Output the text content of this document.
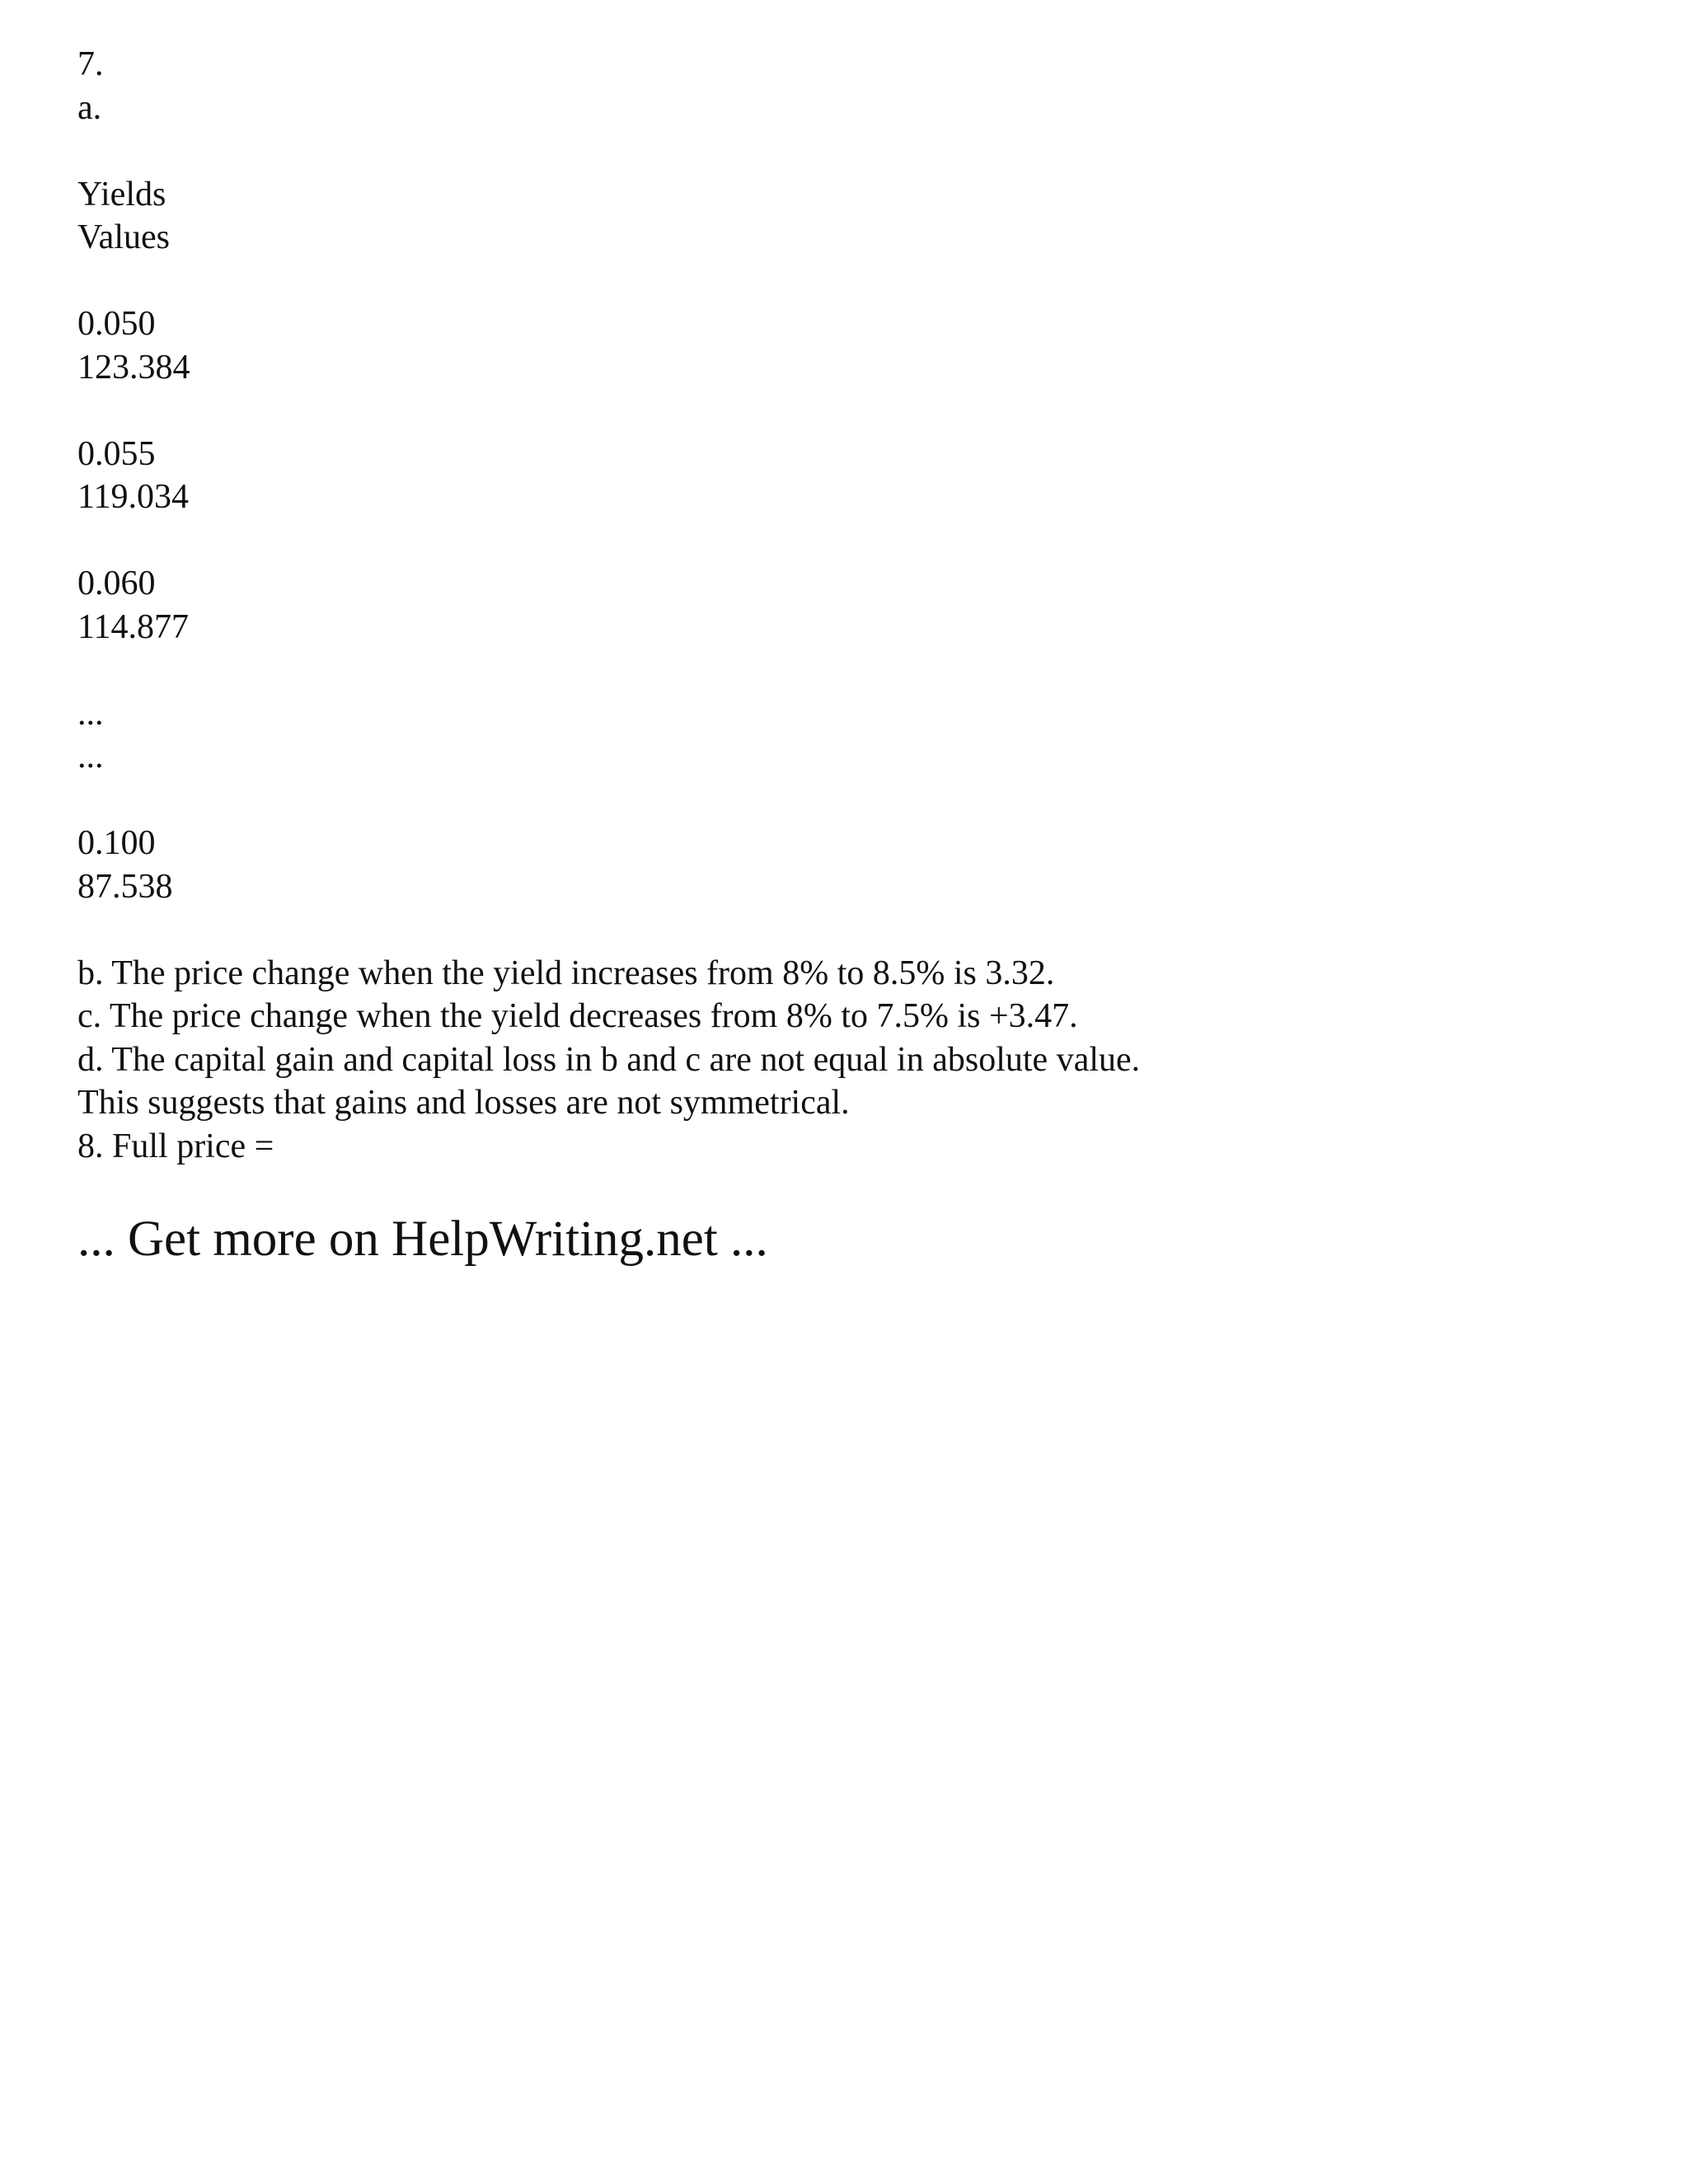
7.
a.
Yields
Values
0.050
123.384
0.055
119.034
0.060
114.877
...
...
0.100
87.538
b. The price change when the yield increases from 8% to 8.5% is 3.32.
c. The price change when the yield decreases from 8% to 7.5% is +3.47.
d. The capital gain and capital loss in b and c are not equal in absolute value.
This suggests that gains and losses are not symmetrical.
8. Full price =
... Get more on HelpWriting.net ...
